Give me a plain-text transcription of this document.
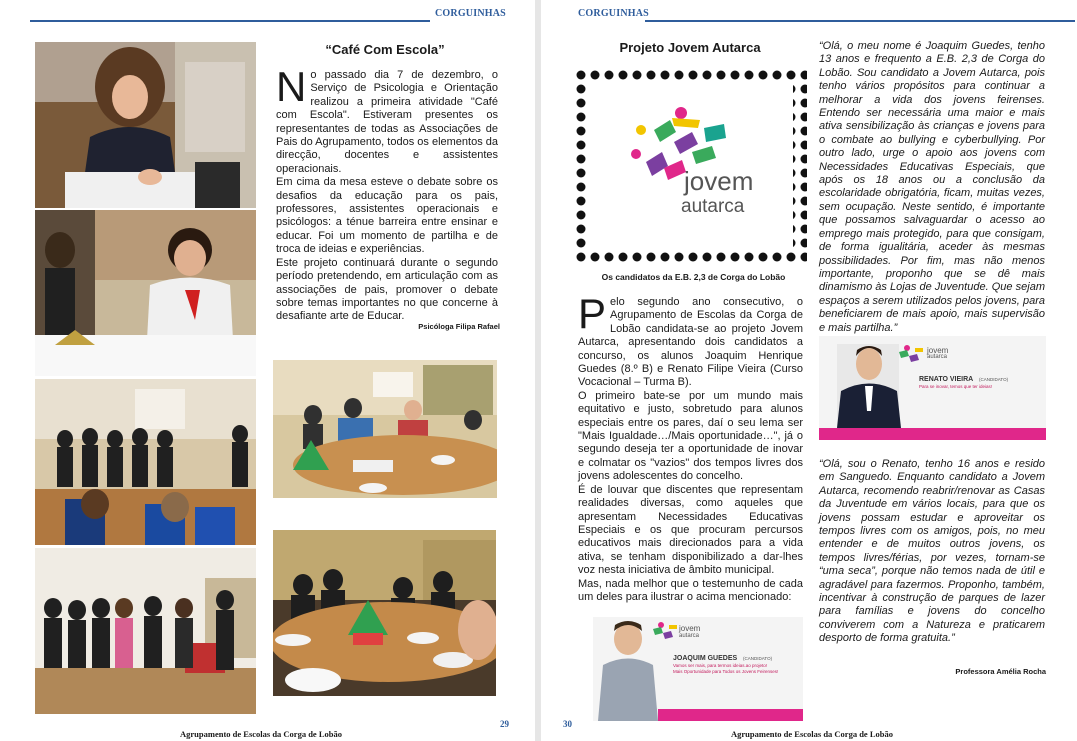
CORGUINHAS
“Café Com Escola”
N o passado dia 7 de dezembro, o Serviço de Psicologia e Orientação realizou a primeira atividade "Café com Escola". Estiveram presentes os representantes de todas as Associações de Pais do Agrupamento, todos os elementos da direcção, docentes e assistentes operacionais.

Em cima da mesa esteve o debate sobre os desafios da educação para os pais, professores, assistentes operacionais e psicólogos: a ténue barreira entre ensinar e educar. Foi um momento de partilha e de troca de ideias e experiências.

Este projeto continuará durante o segundo período pretendendo, em articulação com as associações de pais, promover o debate sobre temas importantes no que concerne à desafiante arte de Educar.

Psicóloga Filipa Rafael
29
Agrupamento de Escolas da Corga de Lobão
CORGUINHAS
Projeto Jovem Autarca
jovem
autarca
Os candidatos da E.B. 2,3 de Corga do Lobão
P elo segundo ano consecutivo, o Agrupamento de Escolas da Corga de Lobão candidata-se ao projeto Jovem Autarca, apresentando dois candidatos a concurso, os alunos Joaquim Henrique Guedes (8.º B) e Renato Filipe Vieira (Curso Vocacional – Turma B).

O primeiro bate-se por um mundo mais equitativo e justo, sobretudo para alunos especiais entre os pares, daí o seu lema ser "Mais Igualdade…/Mais oportunidade…", já o segundo deseja ter a oportunidade de inovar e colmatar os "vazios" dos tempos livres dos jovens adolescentes do concelho.

É de louvar que discentes que representam realidades diversas, como aqueles que apresentam Necessidades Educativas Especiais e os que procuram percursos educativos mais direcionados para a vida ativa, se tenham disponibilizado a dar-lhes voz nesta iniciativa de âmbito municipal.

Mas, nada melhor que o testemunho de cada um deles para ilustrar o acima mencionado:

“Olá, o meu nome é Joaquim Guedes, tenho 13 anos e frequento a E.B. 2,3 de Corga do Lobão. Sou candidato a Jovem Autarca, pois tenho vários propósitos para continuar a melhorar a vida dos jovens feirenses. Entendo ser necessária uma maior e mais ativa sensibilização às crianças e jovens para o combate ao bullying e cyberbullying. Por outro lado, urge o apoio aos jovens com Necessidades Educativas Especiais, que após os 18 anos ou a conclusão da escolaridade obrigatória, ficam, muitas vezes, sem ocupação. Neste sentido, é importante que possamos salvaguardar o acesso ao emprego mais protegido, para que consigam, de forma igualitária, aceder às mesmas possibilidades. Por fim, mas não menos importante, proponho que se dê mais dinamismo às Lojas de Juventude. Que sejam espaços a serem utilizados pelos jovens, para beneficiarem de mais apoio, mais supervisão e mais partilha.”
jovem
autarca
RENATO VIEIRA (CANDIDATO)
Para se inovar, temos que ter ideias!
“Olá, sou o Renato, tenho 16 anos e resido em Sanguedo. Enquanto candidato a Jovem Autarca, recomendo reabrir/renovar as Casas da Juventude em vários locais, para que os jovens possam estudar e aproveitar os tempos livres com os amigos, pois, no meu entender e de muitos outros jovens, os tempos livres/férias, por vezes, tornam-se “uma seca”, porque não temos nada de útil e agradável para fazermos. Proponho, também, incentivar à construção de parques de lazer para famílias e jovens do concelho conviverem com a Natureza e praticarem desporto de forma gratuita.”
jovem
autarca
JOAQUIM GUEDES (CANDIDATO)
Vamos ser mais, para termos ideias.ao projeto!
Mais Oportunidade para Todos os Jovens Feirenses!	Professora Amélia Rocha
30
Agrupamento de Escolas da Corga de Lobão
